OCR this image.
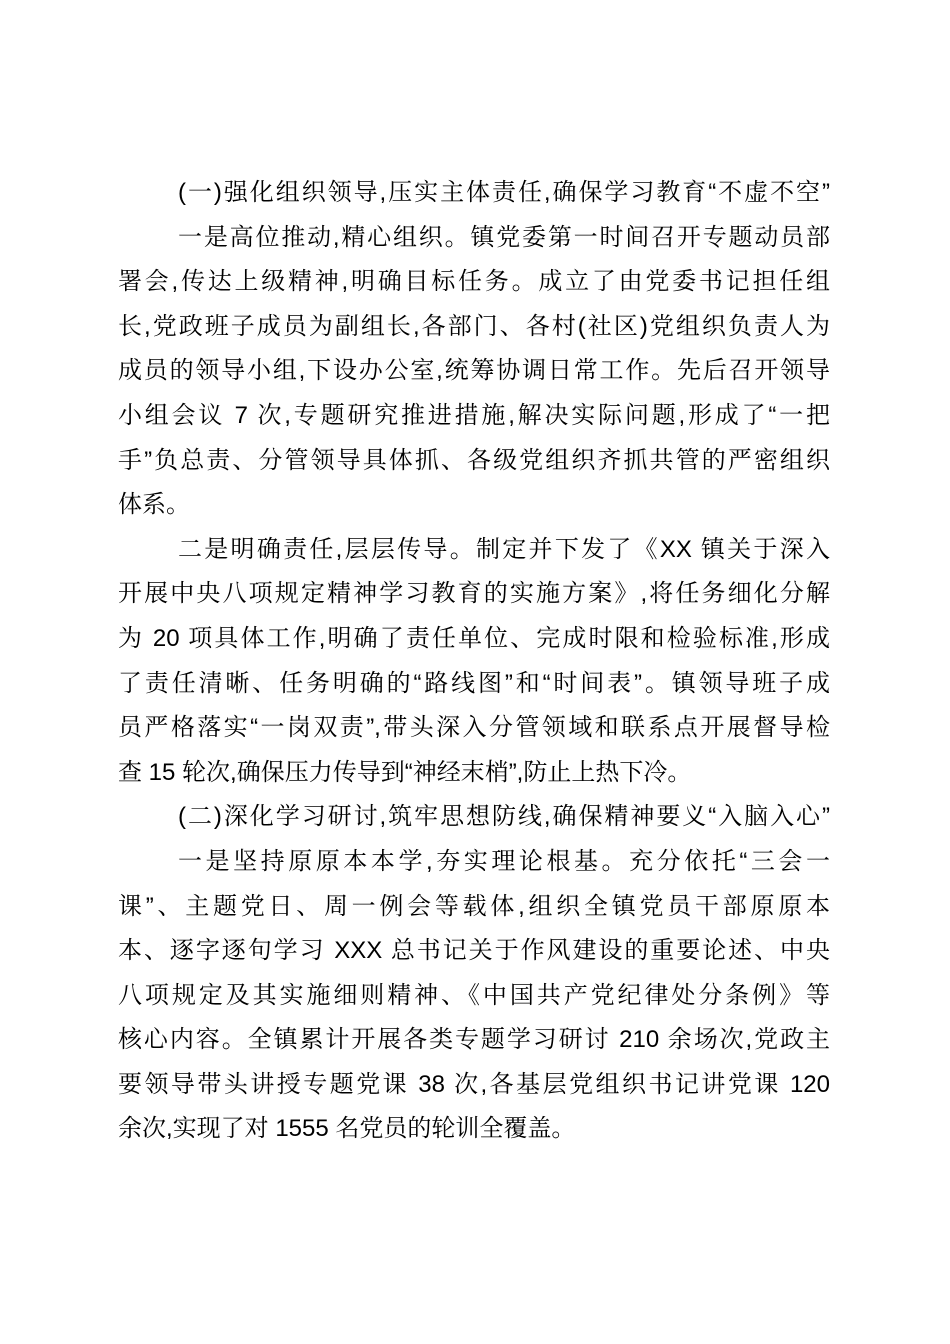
(一)强化组织领导,压实主体责任,确保学习教育“不虚不空”
一是高位推动,精心组织。镇党委第一时间召开专题动员部
署会,传达上级精神,明确目标任务。成立了由党委书记担任组
长,党政班子成员为副组长,各部门、各村(社区)党组织负责人为
成员的领导小组,下设办公室,统筹协调日常工作。先后召开领导
小组会议 7 次,专题研究推进措施,解决实际问题,形成了“一把
手”负总责、分管领导具体抓、各级党组织齐抓共管的严密组织
体系。
二是明确责任,层层传导。制定并下发了《XX 镇关于深入
开展中央八项规定精神学习教育的实施方案》,将任务细化分解
为 20 项具体工作,明确了责任单位、完成时限和检验标准,形成
了责任清晰、任务明确的“路线图”和“时间表”。镇领导班子成
员严格落实“一岗双责”,带头深入分管领域和联系点开展督导检
查 15 轮次,确保压力传导到“神经末梢”,防止上热下冷。
(二)深化学习研讨,筑牢思想防线,确保精神要义“入脑入心”
一是坚持原原本本学,夯实理论根基。充分依托“三会一
课”、主题党日、周一例会等载体,组织全镇党员干部原原本
本、逐字逐句学习 XXX 总书记关于作风建设的重要论述、中央
八项规定及其实施细则精神、《中国共产党纪律处分条例》等
核心内容。全镇累计开展各类专题学习研讨 210 余场次,党政主
要领导带头讲授专题党课 38 次,各基层党组织书记讲党课 120
余次,实现了对 1555 名党员的轮训全覆盖。
